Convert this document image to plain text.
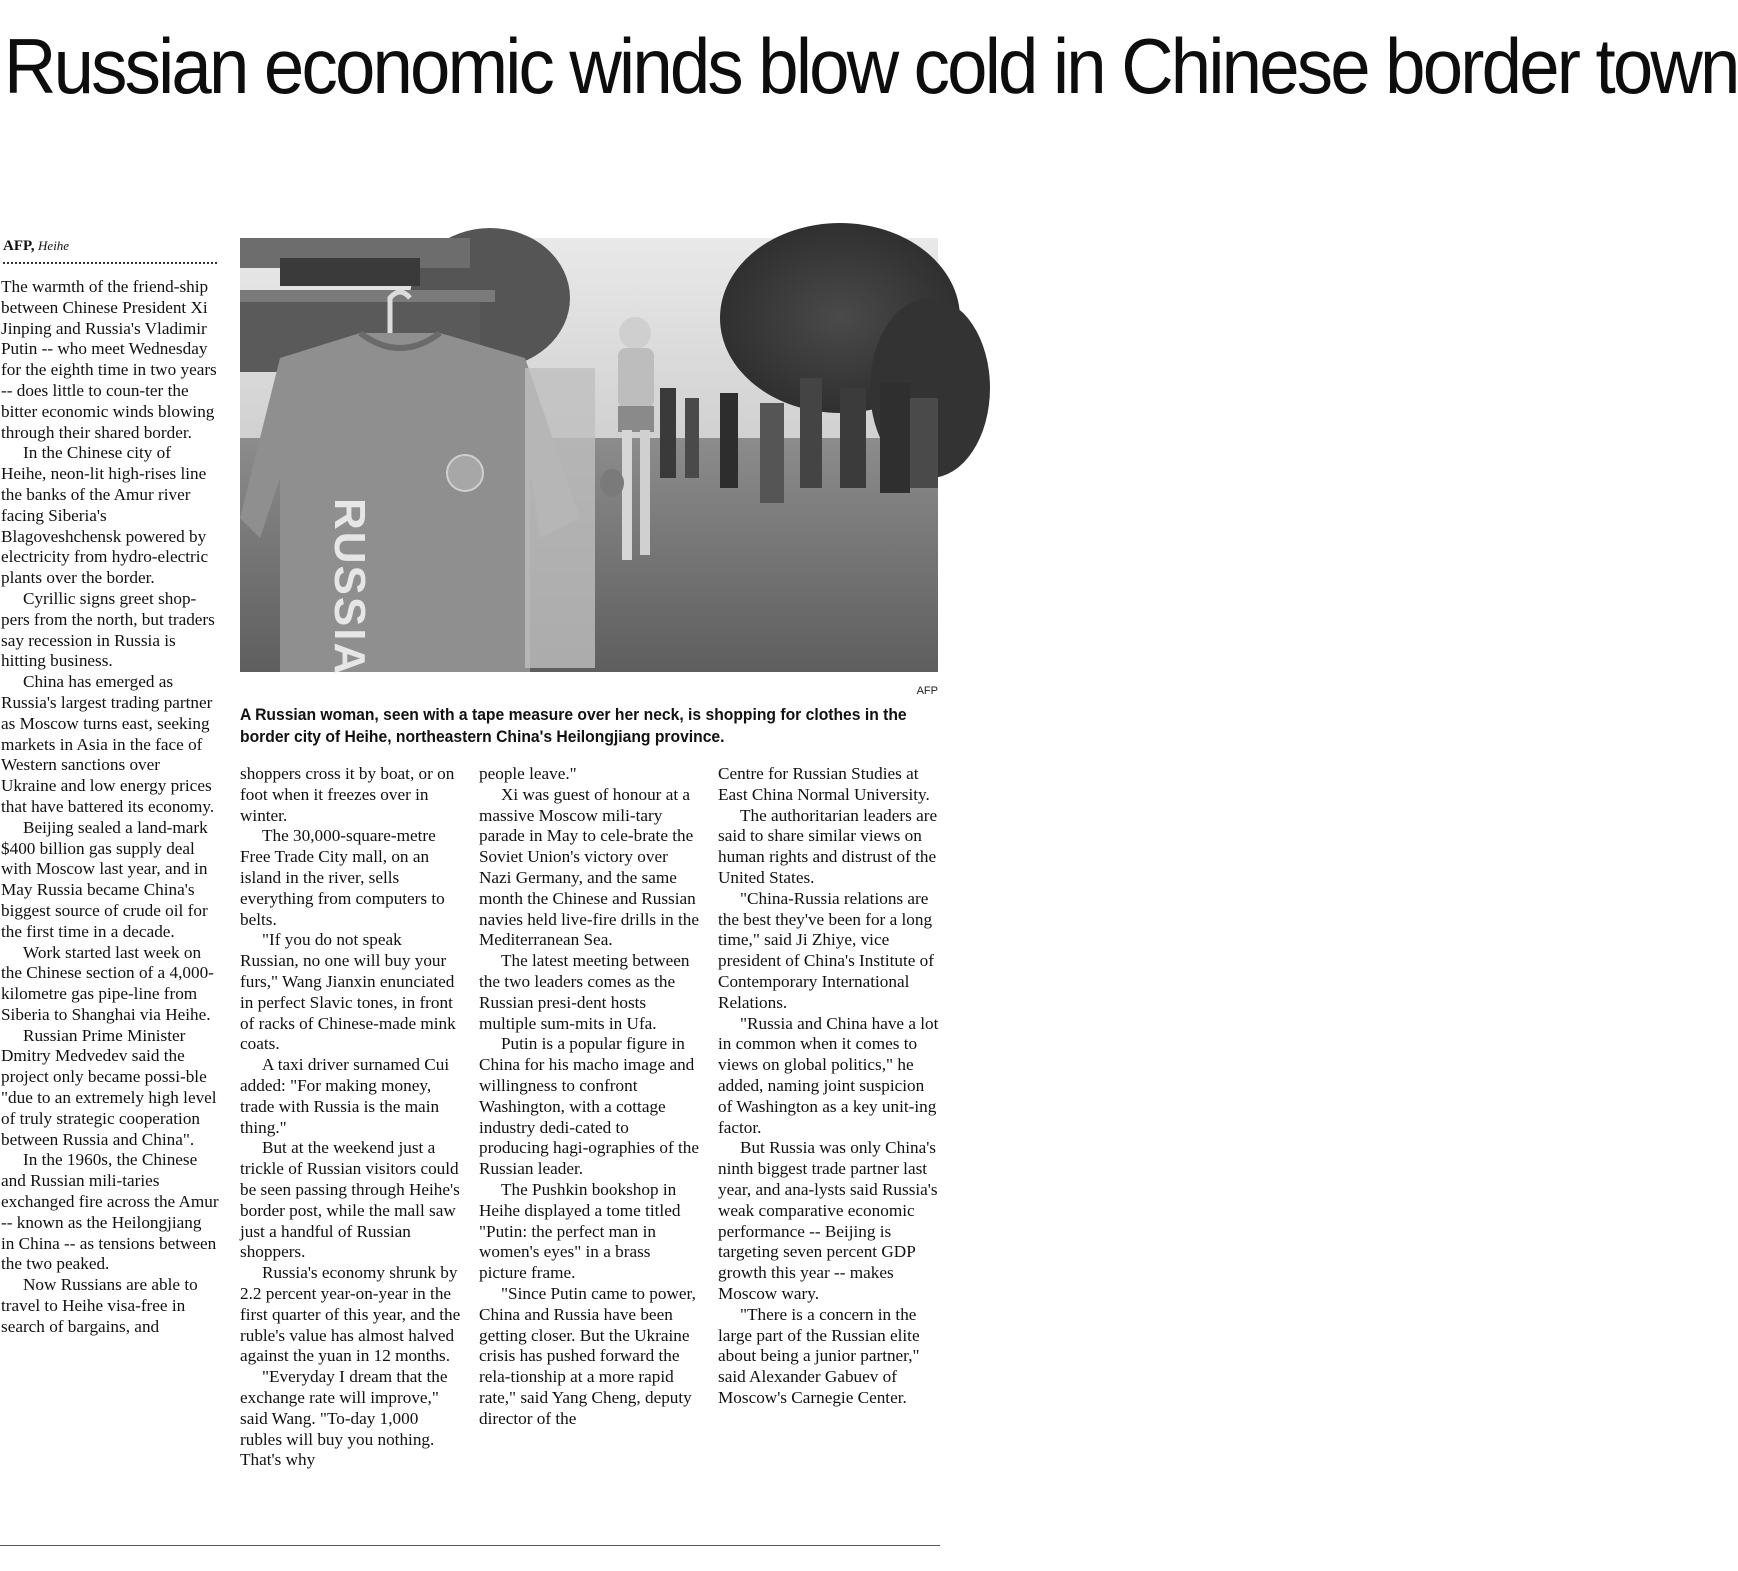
Russian economic winds blow cold in Chinese border town
AFP, Heihe
RUSSIA
AFP
A Russian woman, seen with a tape measure over her neck, is shopping for clothes in the border city of Heihe, northeastern China's Heilongjiang province.

The warmth of the friend-ship between Chinese President Xi Jinping and Russia's Vladimir Putin -- who meet Wednesday for the eighth time in two years -- does little to coun-ter the bitter economic winds blowing through their shared border.

In the Chinese city of Heihe, neon-lit high-rises line the banks of the Amur river facing Siberia's Blagoveshchensk powered by electricity from hydro-electric plants over the border.

Cyrillic signs greet shop-pers from the north, but traders say recession in Russia is hitting business.

China has emerged as Russia's largest trading partner as Moscow turns east, seeking markets in Asia in the face of Western sanctions over Ukraine and low energy prices that have battered its economy.

Beijing sealed a land-mark $400 billion gas supply deal with Moscow last year, and in May Russia became China's biggest source of crude oil for the first time in a decade.

Work started last week on the Chinese section of a 4,000-kilometre gas pipe-line from Siberia to Shanghai via Heihe.

Russian Prime Minister Dmitry Medvedev said the project only became possi-ble "due to an extremely high level of truly strategic cooperation between Russia and China".

In the 1960s, the Chinese and Russian mili-taries exchanged fire across the Amur -- known as the Heilongjiang in China -- as tensions between the two peaked.

Now Russians are able to travel to Heihe visa-free in search of bargains, and

shoppers cross it by boat, or on foot when it freezes over in winter.

The 30,000-square-metre Free Trade City mall, on an island in the river, sells everything from computers to belts.

"If you do not speak Russian, no one will buy your furs," Wang Jianxin enunciated in perfect Slavic tones, in front of racks of Chinese-made mink coats.

A taxi driver surnamed Cui added: "For making money, trade with Russia is the main thing."

But at the weekend just a trickle of Russian visitors could be seen passing through Heihe's border post, while the mall saw just a handful of Russian shoppers.

Russia's economy shrunk by 2.2 percent year-on-year in the first quarter of this year, and the ruble's value has almost halved against the yuan in 12 months.

"Everyday I dream that the exchange rate will improve," said Wang. "To-day 1,000 rubles will buy you nothing. That's why

people leave."

Xi was guest of honour at a massive Moscow mili-tary parade in May to cele-brate the Soviet Union's victory over Nazi Germany, and the same month the Chinese and Russian navies held live-fire drills in the Mediterranean Sea.

The latest meeting between the two leaders comes as the Russian presi-dent hosts multiple sum-mits in Ufa.

Putin is a popular figure in China for his macho image and willingness to confront Washington, with a cottage industry dedi-cated to producing hagi-ographies of the Russian leader.

The Pushkin bookshop in Heihe displayed a tome titled "Putin: the perfect man in women's eyes" in a brass picture frame.

"Since Putin came to power, China and Russia have been getting closer. But the Ukraine crisis has pushed forward the rela-tionship at a more rapid rate," said Yang Cheng, deputy director of the

Centre for Russian Studies at East China Normal University.

The authoritarian leaders are said to share similar views on human rights and distrust of the United States.

"China-Russia relations are the best they've been for a long time," said Ji Zhiye, vice president of China's Institute of Contemporary International Relations.

"Russia and China have a lot in common when it comes to views on global politics," he added, naming joint suspicion of Washington as a key unit-ing factor.

But Russia was only China's ninth biggest trade partner last year, and ana-lysts said Russia's weak comparative economic performance -- Beijing is targeting seven percent GDP growth this year -- makes Moscow wary.

"There is a concern in the large part of the Russian elite about being a junior partner," said Alexander Gabuev of Moscow's Carnegie Center.
